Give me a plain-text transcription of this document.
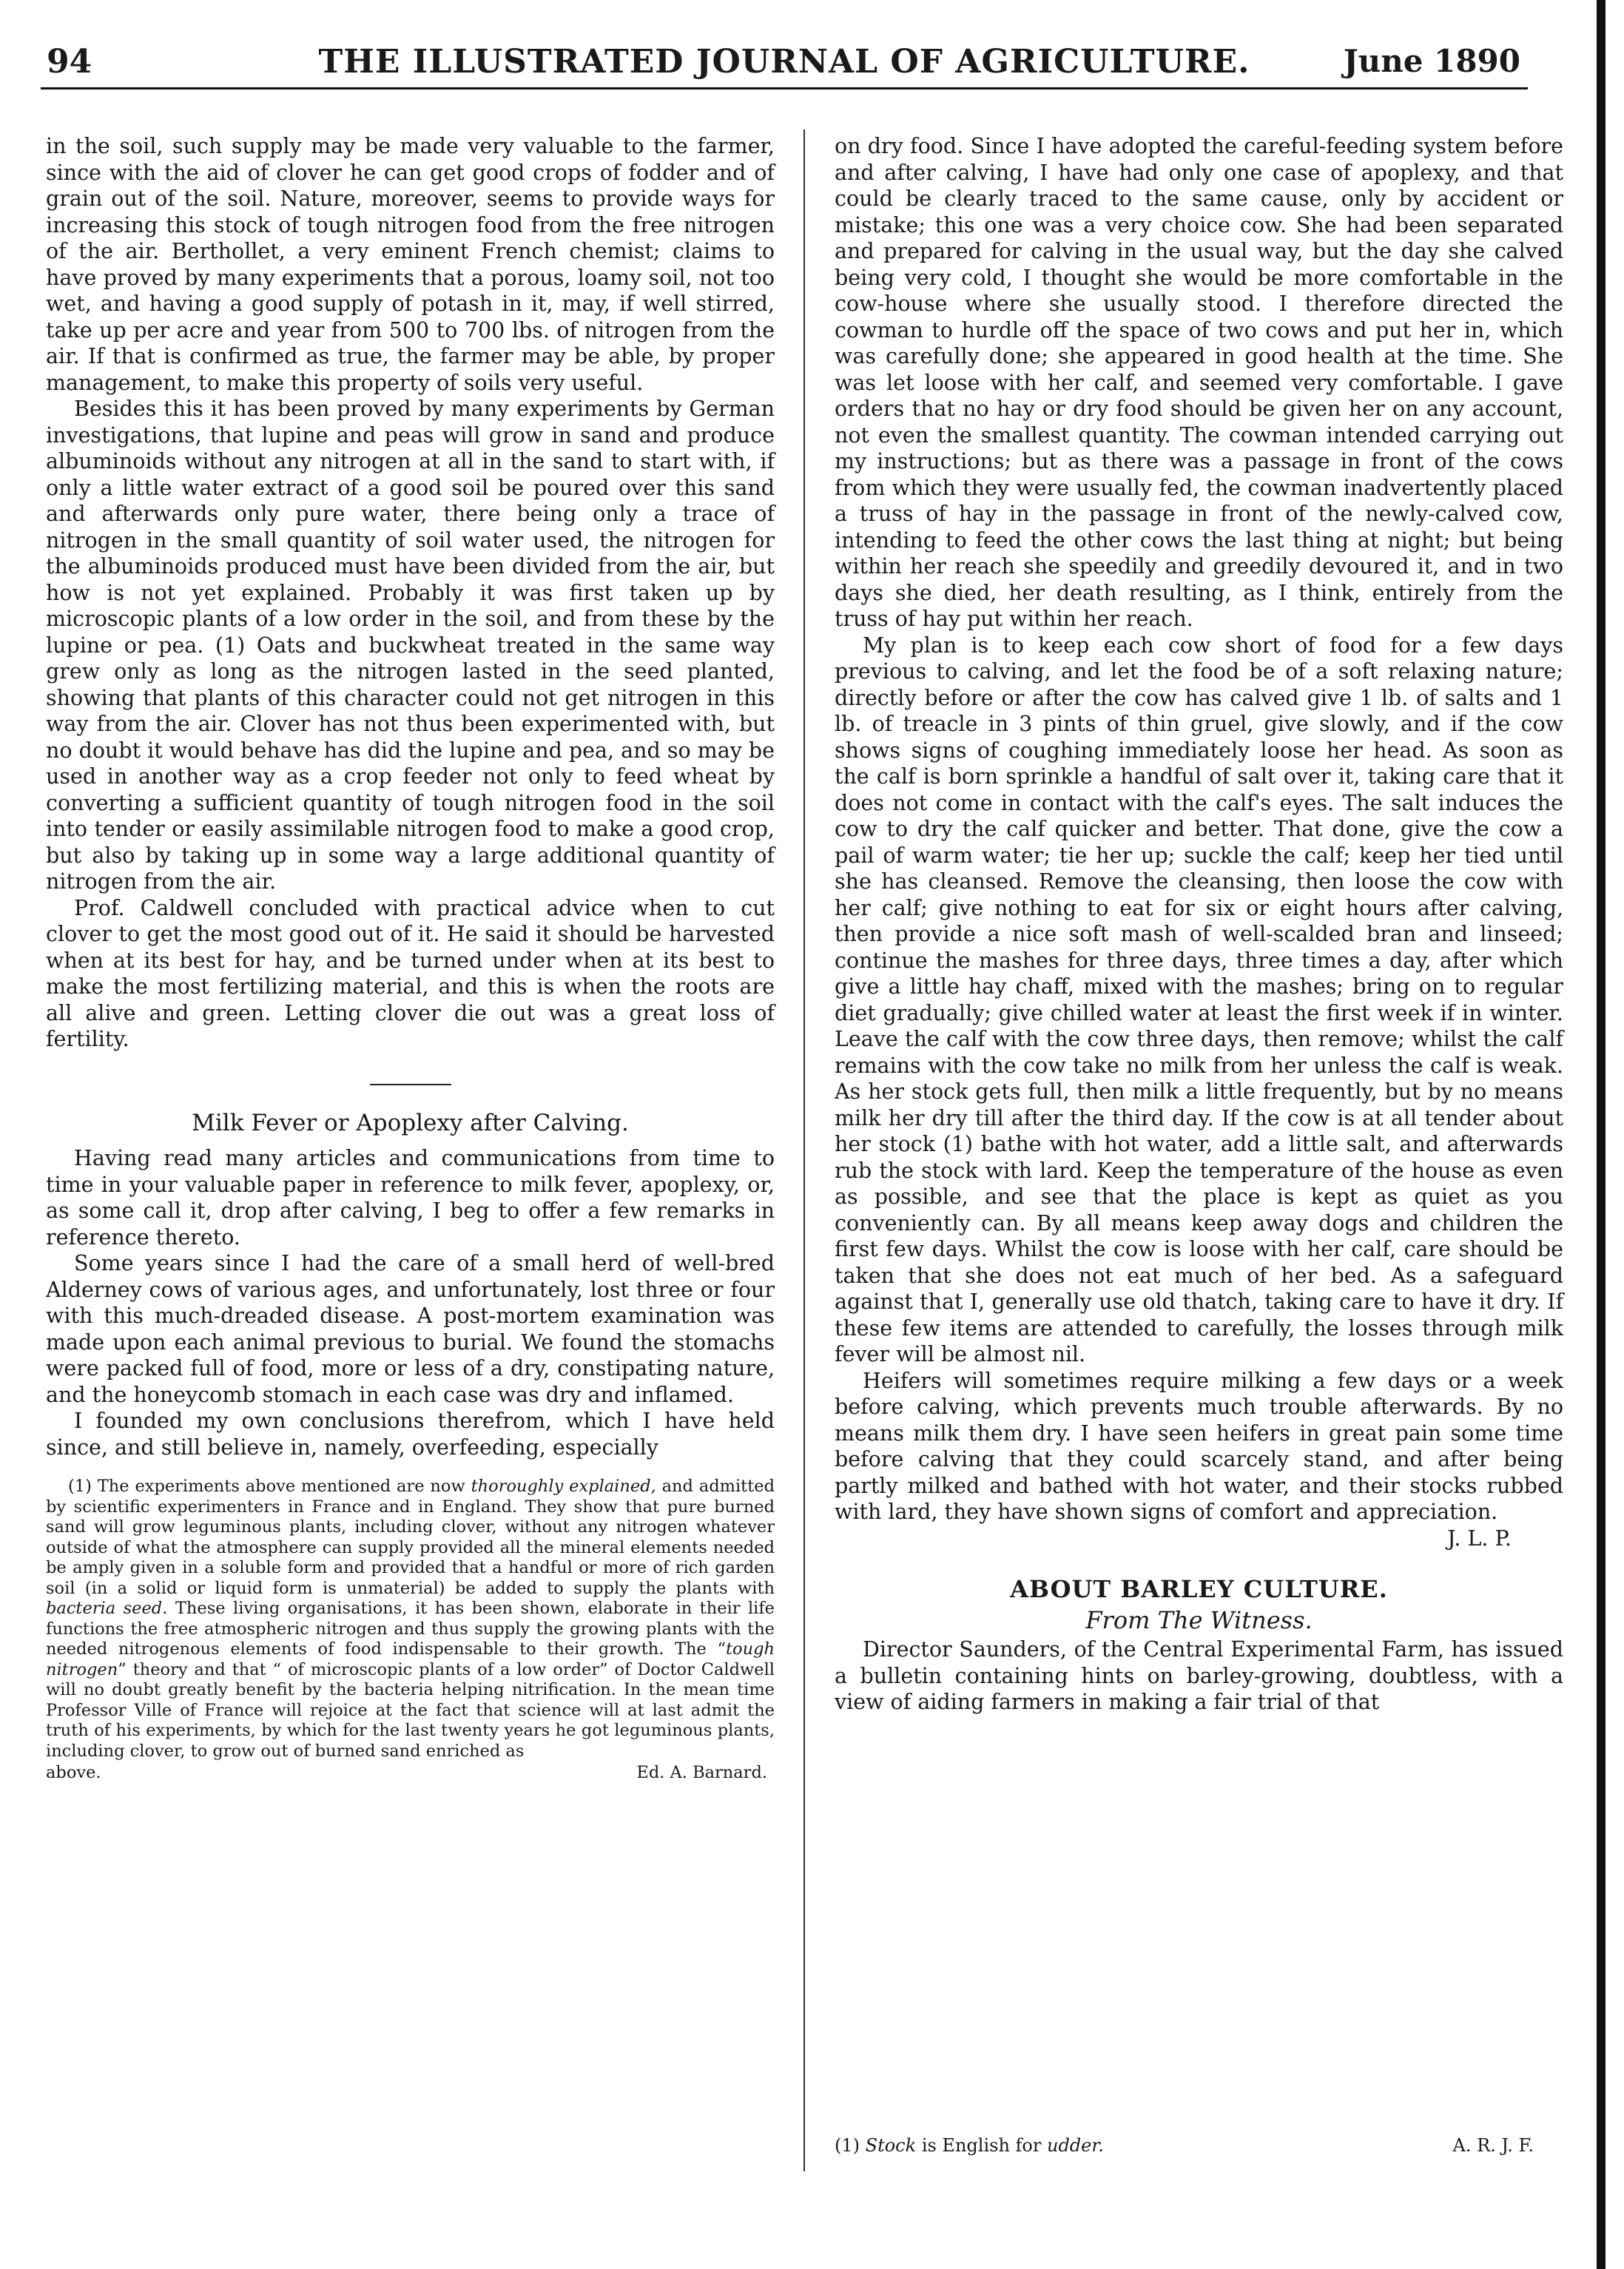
94	THE ILLUSTRATED JOURNAL OF AGRICULTURE.	June 1890

in the soil, such supply may be made very valuable to the farmer, since with the aid of clover he can get good crops of fodder and of grain out of the soil. Nature, moreover, seems to provide ways for increasing this stock of tough nitrogen food from the free nitrogen of the air. Berthollet, a very eminent French chemist; claims to have proved by many experiments that a porous, loamy soil, not too wet, and having a good supply of potash in it, may, if well stirred, take up per acre and year from 500 to 700 lbs. of nitrogen from the air. If that is confirmed as true, the farmer may be able, by proper management, to make this property of soils very useful.

Besides this it has been proved by many experiments by German investigations, that lupine and peas will grow in sand and produce albuminoids without any nitrogen at all in the sand to start with, if only a little water extract of a good soil be poured over this sand and afterwards only pure water, there being only a trace of nitrogen in the small quantity of soil water used, the nitrogen for the albuminoids produced must have been divided from the air, but how is not yet explained. Probably it was first taken up by microscopic plants of a low order in the soil, and from these by the lupine or pea. (1) Oats and buckwheat treated in the same way grew only as long as the nitrogen lasted in the seed planted, showing that plants of this character could not get nitrogen in this way from the air. Clover has not thus been experimented with, but no doubt it would behave has did the lupine and pea, and so may be used in another way as a crop feeder not only to feed wheat by converting a sufficient quantity of tough nitrogen food in the soil into tender or easily assimilable nitrogen food to make a good crop, but also by taking up in some way a large additional quantity of nitrogen from the air.

Prof. Caldwell concluded with practical advice when to cut clover to get the most good out of it. He said it should be harvested when at its best for hay, and be turned under when at its best to make the most fertilizing material, and this is when the roots are all alive and green. Letting clover die out was a great loss of fertility.

Milk Fever or Apoplexy after Calving.

Having read many articles and communications from time to time in your valuable paper in reference to milk fever, apoplexy, or, as some call it, drop after calving, I beg to offer a few remarks in reference thereto.

Some years since I had the care of a small herd of well-bred Alderney cows of various ages, and unfortunately, lost three or four with this much-dreaded disease. A post-mortem examination was made upon each animal previous to burial. We found the stomachs were packed full of food, more or less of a dry, constipating nature, and the honeycomb stomach in each case was dry and inflamed.

I founded my own conclusions therefrom, which I have held since, and still believe in, namely, overfeeding, especially

(1) The experiments above mentioned are now thoroughly explained, and admitted by scientific experimenters in France and in England. They show that pure burned sand will grow leguminous plants, including clover, without any nitrogen whatever outside of what the atmosphere can supply provided all the mineral elements needed be amply given in a soluble form and provided that a handful or more of rich garden soil (in a solid or liquid form is unmaterial) be added to supply the plants with bacteria seed. These living organisations, it has been shown, elaborate in their life functions the free atmospheric nitrogen and thus supply the growing plants with the needed nitrogenous elements of food indispensable to their growth. The “tough nitrogen” theory and that “ of microscopic plants of a low order” of Doctor Caldwell will no doubt greatly benefit by the bacteria helping nitrification. In the mean time Professor Ville of France will rejoice at the fact that science will at last admit the truth of his experiments, by which for the last twenty years he got leguminous plants, including clover, to grow out of burned sand enriched as

above.	Ed. A. Barnard.

on dry food. Since I have adopted the careful-feeding system before and after calving, I have had only one case of apoplexy, and that could be clearly traced to the same cause, only by accident or mistake; this one was a very choice cow. She had been separated and prepared for calving in the usual way, but the day she calved being very cold, I thought she would be more comfortable in the cow-house where she usually stood. I therefore directed the cowman to hurdle off the space of two cows and put her in, which was carefully done; she appeared in good health at the time. She was let loose with her calf, and seemed very comfortable. I gave orders that no hay or dry food should be given her on any account, not even the smallest quantity. The cowman intended carrying out my instructions; but as there was a passage in front of the cows from which they were usually fed, the cowman inadvertently placed a truss of hay in the passage in front of the newly-calved cow, intending to feed the other cows the last thing at night; but being within her reach she speedily and greedily devoured it, and in two days she died, her death resulting, as I think, entirely from the truss of hay put within her reach.

My plan is to keep each cow short of food for a few days previous to calving, and let the food be of a soft relaxing nature; directly before or after the cow has calved give 1 lb. of salts and 1 lb. of treacle in 3 pints of thin gruel, give slowly, and if the cow shows signs of coughing immediately loose her head. As soon as the calf is born sprinkle a handful of salt over it, taking care that it does not come in contact with the calf's eyes. The salt induces the cow to dry the calf quicker and better. That done, give the cow a pail of warm water; tie her up; suckle the calf; keep her tied until she has cleansed. Remove the cleansing, then loose the cow with her calf; give nothing to eat for six or eight hours after calving, then provide a nice soft mash of well-scalded bran and linseed; continue the mashes for three days, three times a day, after which give a little hay chaff, mixed with the mashes; bring on to regular diet gradually; give chilled water at least the first week if in winter. Leave the calf with the cow three days, then remove; whilst the calf remains with the cow take no milk from her unless the calf is weak. As her stock gets full, then milk a little frequently, but by no means milk her dry till after the third day. If the cow is at all tender about her stock (1) bathe with hot water, add a little salt, and afterwards rub the stock with lard. Keep the temperature of the house as even as possible, and see that the place is kept as quiet as you conveniently can. By all means keep away dogs and children the first few days. Whilst the cow is loose with her calf, care should be taken that she does not eat much of her bed. As a safeguard against that I, generally use old thatch, taking care to have it dry. If these few items are attended to carefully, the losses through milk fever will be almost nil.

Heifers will sometimes require milking a few days or a week before calving, which prevents much trouble afterwards. By no means milk them dry. I have seen heifers in great pain some time before calving that they could scarcely stand, and after being partly milked and bathed with hot water, and their stocks rubbed with lard, they have shown signs of comfort and appreciation.

J. L. P.
ABOUT BARLEY CULTURE.
From The Witness.

Director Saunders, of the Central Experimental Farm, has issued a bulletin containing hints on barley-growing, doubtless, with a view of aiding farmers in making a fair trial of that

(1) Stock is English for udder.	A. R. J. F.
